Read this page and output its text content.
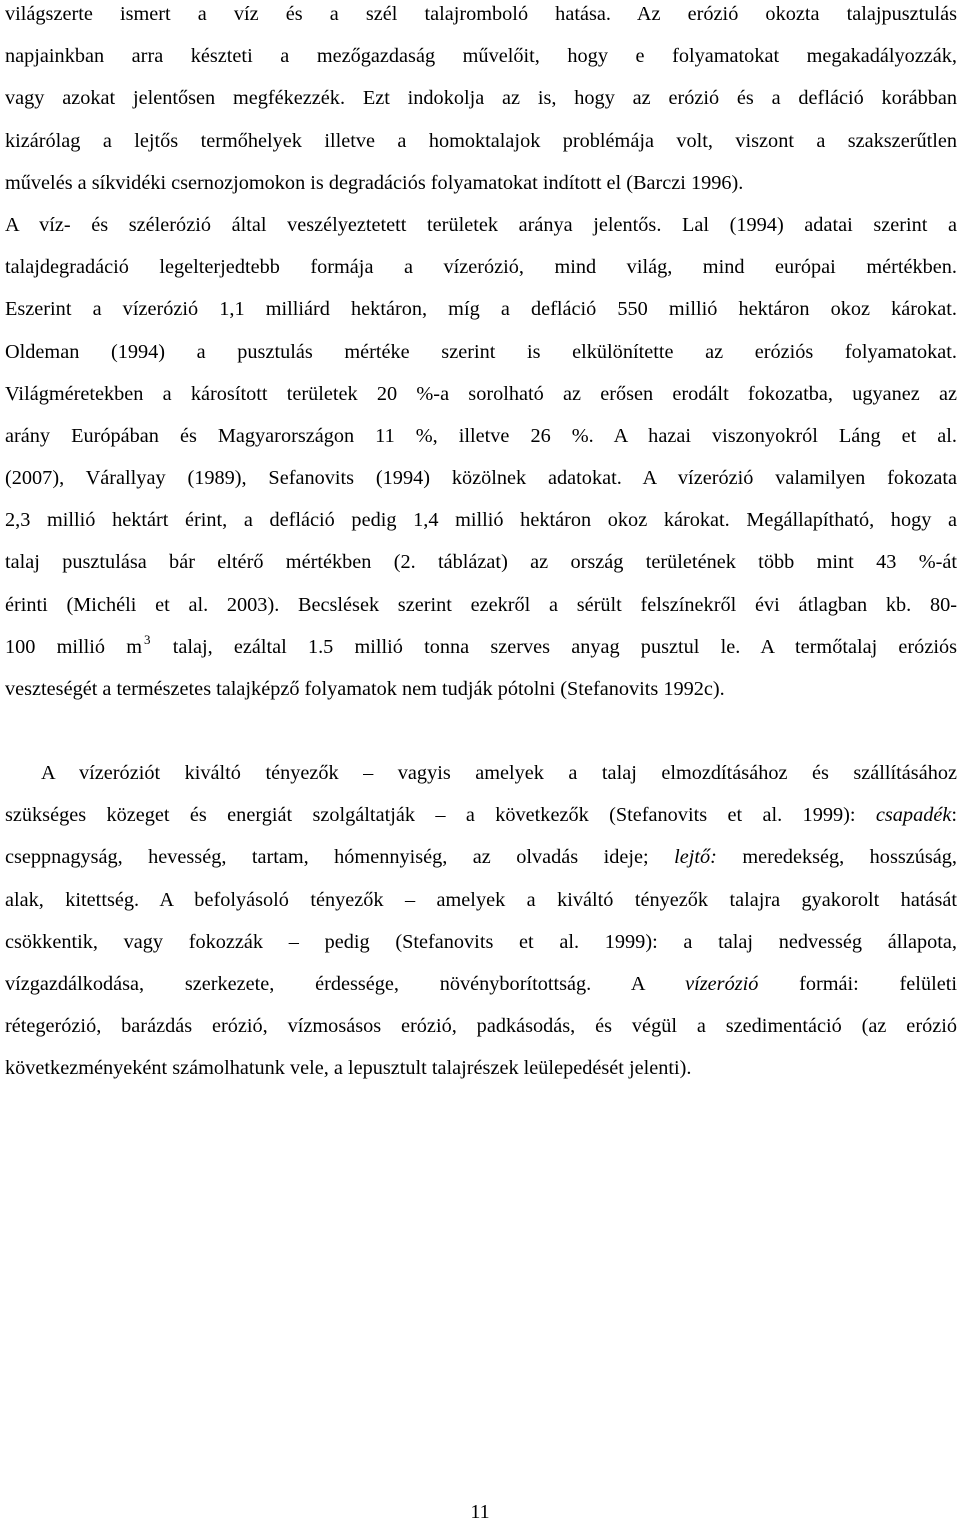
világszerte ismert a víz és a szél talajromboló hatása. Az erózió okozta talajpusztulás
napjainkban arra készteti a mezőgazdaság művelőit, hogy e folyamatokat megakadályozzák,
vagy azokat jelentősen megfékezzék. Ezt indokolja az is, hogy az erózió és a defláció korábban
kizárólag a lejtős termőhelyek illetve a homoktalajok problémája volt, viszont a szakszerűtlen
művelés a síkvidéki csernozjomokon is degradációs folyamatokat indított el (Barczi 1996).
A víz- és szélerózió által veszélyeztetett területek aránya jelentős. Lal (1994) adatai szerint a
talajdegradáció legelterjedtebb formája a vízerózió, mind világ, mind európai mértékben.
Eszerint a vízerózió 1,1 milliárd hektáron, míg a defláció 550 millió hektáron okoz károkat.
Oldeman (1994) a pusztulás mértéke szerint is elkülönítette az eróziós folyamatokat.
Világméretekben a károsított területek 20 %-a sorolható az erősen erodált fokozatba, ugyanez az
arány Európában és Magyarországon 11 %, illetve 26 %. A hazai viszonyokról Láng et al.
(2007), Várallyay (1989), Sefanovits (1994) közölnek adatokat. A vízerózió valamilyen fokozata
2,3 millió hektárt érint, a defláció pedig 1,4 millió hektáron okoz károkat. Megállapítható, hogy a
talaj pusztulása bár eltérő mértékben (2. táblázat) az ország területének több mint 43 %-át
érinti (Michéli et al. 2003). Becslések szerint ezekről a sérült felszínekről évi átlagban kb. 80-
100 millió m $^3$ talaj, ezáltal 1.5 millió tonna szerves anyag pusztul le. A termőtalaj eróziós
veszteségét a természetes talajképző folyamatok nem tudják pótolni (Stefanovits 1992c).
A vízeróziót kiváltó tényezők – vagyis amelyek a talaj elmozdításához és szállításához
szükséges közeget és energiát szolgáltatják – a következők (Stefanovits et al. 1999): csapadék:
cseppnagyság, hevesség, tartam, hómennyiség, az olvadás ideje; lejtő: meredekség, hosszúság,
alak, kitettség. A befolyásoló tényezők – amelyek a kiváltó tényezők talajra gyakorolt hatását
csökkentik, vagy fokozzák – pedig (Stefanovits et al. 1999): a talaj nedvesség állapota,
vízgazdálkodása, szerkezete, érdessége, növényborítottság. A vízerózió formái: felületi
rétegerózió, barázdás erózió, vízmosásos erózió, padkásodás, és végül a szedimentáció (az erózió
következményeként számolhatunk vele, a lepusztult talajrészek leülepedését jelenti).
11
